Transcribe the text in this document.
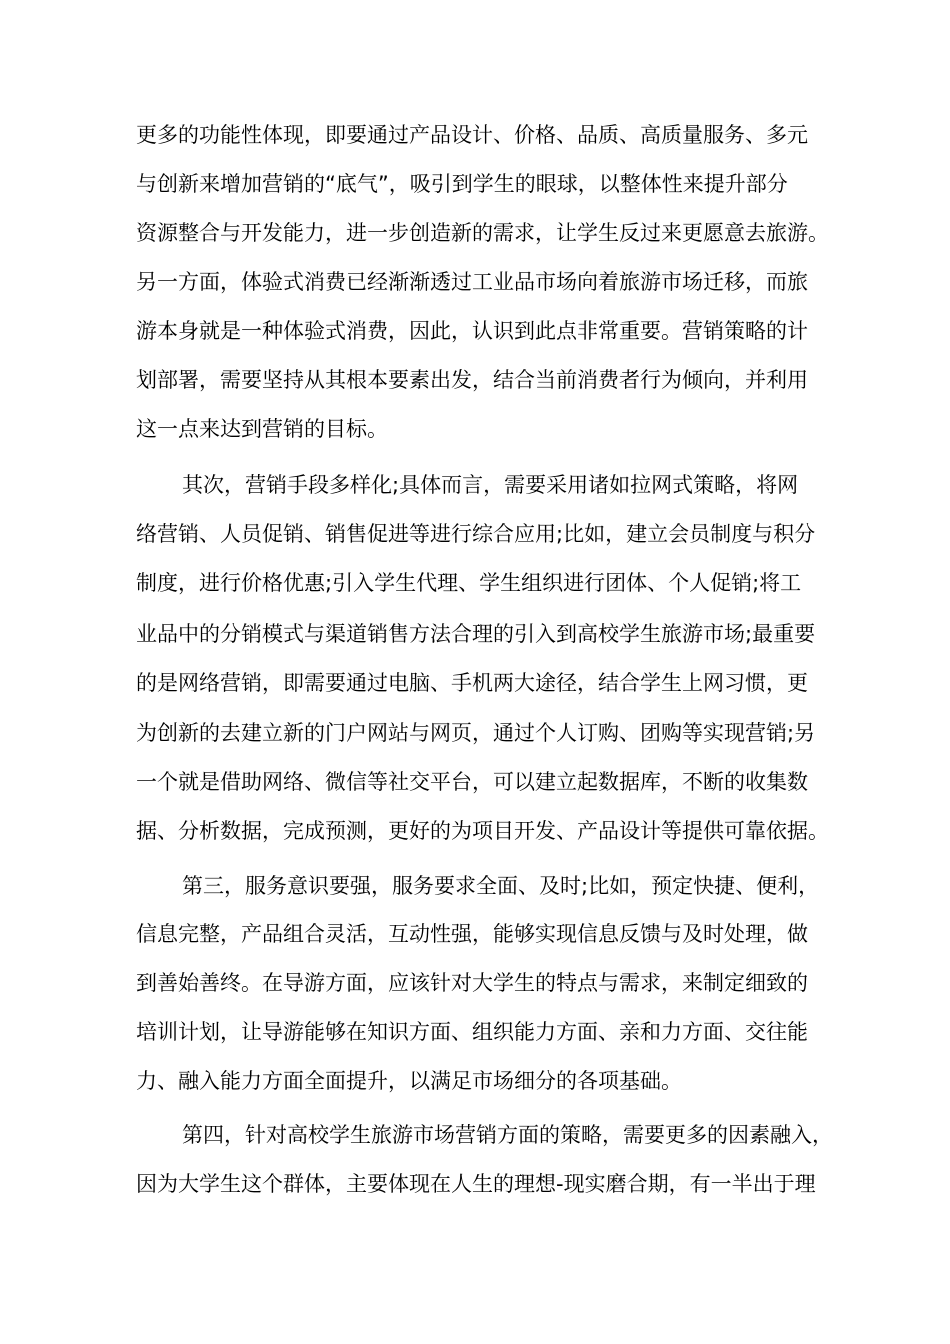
更多的功能性体现，即要通过产品设计、价格、品质、高质量服务、多元

与创新来增加营销的“底气”，吸引到学生的眼球，以整体性来提升部分

资源整合与开发能力，进一步创造新的需求，让学生反过来更愿意去旅游。

另一方面，体验式消费已经渐渐透过工业品市场向着旅游市场迁移，而旅

游本身就是一种体验式消费，因此，认识到此点非常重要。营销策略的计

划部署，需要坚持从其根本要素出发，结合当前消费者行为倾向，并利用

这一点来达到营销的目标。

其次，营销手段多样化;具体而言，需要采用诸如拉网式策略，将网

络营销、人员促销、销售促进等进行综合应用;比如，建立会员制度与积分

制度，进行价格优惠;引入学生代理、学生组织进行团体、个人促销;将工

业品中的分销模式与渠道销售方法合理的引入到高校学生旅游市场;最重要

的是网络营销，即需要通过电脑、手机两大途径，结合学生上网习惯，更

为创新的去建立新的门户网站与网页，通过个人订购、团购等实现营销;另

一个就是借助网络、微信等社交平台，可以建立起数据库，不断的收集数

据、分析数据，完成预测，更好的为项目开发、产品设计等提供可靠依据。

第三，服务意识要强，服务要求全面、及时;比如，预定快捷、便利，

信息完整，产品组合灵活，互动性强，能够实现信息反馈与及时处理，做

到善始善终。在导游方面，应该针对大学生的特点与需求，来制定细致的

培训计划，让导游能够在知识方面、组织能力方面、亲和力方面、交往能

力、融入能力方面全面提升，以满足市场细分的各项基础。

第四，针对高校学生旅游市场营销方面的策略，需要更多的因素融入，

因为大学生这个群体，主要体现在人生的理想-现实磨合期，有一半出于理
